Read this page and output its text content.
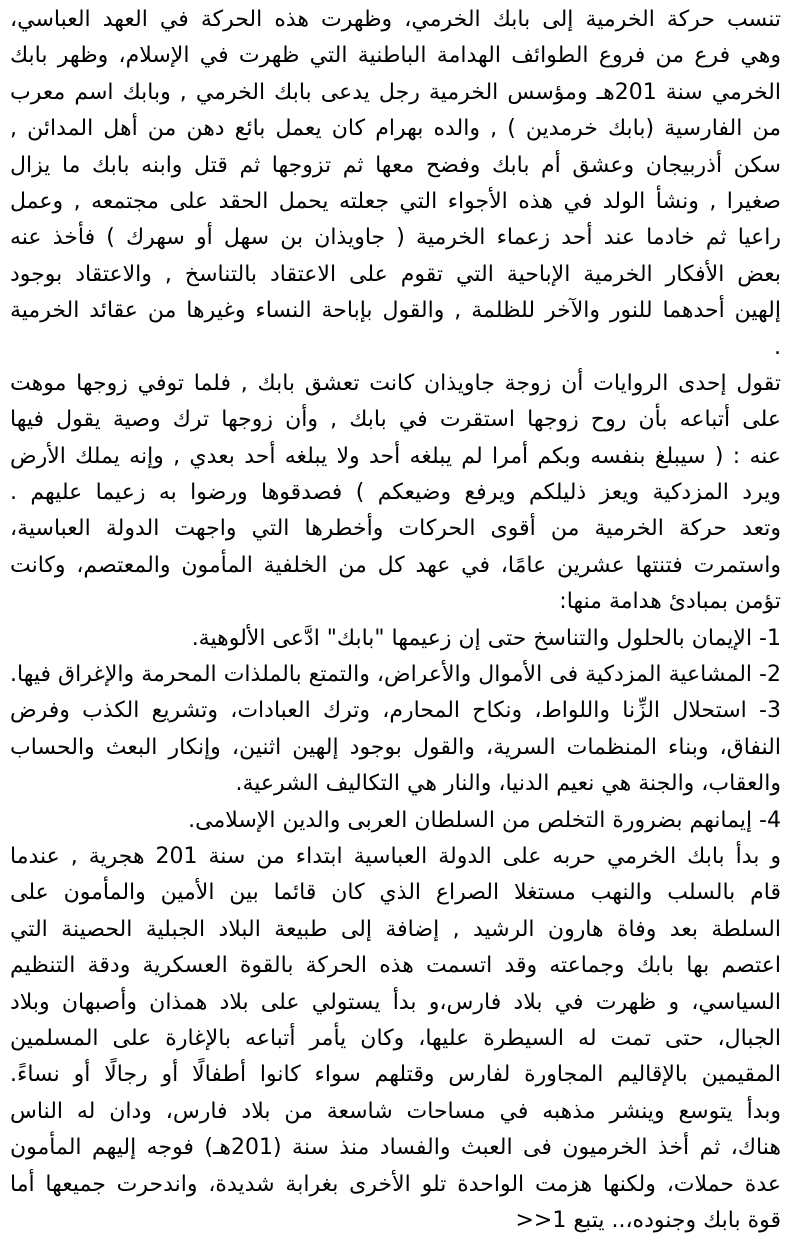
تنسب حركة الخرمية إلى بابك الخرمي، وظهرت هذه الحركة في العهد العباسي،
وهي فرع من فروع الطوائف الهدامة الباطنية التي ظهرت في الإسلام، وظهر بابك
الخرمي سنة 201هـ ومؤسس الخرمية رجل يدعى بابك الخرمي , وبابك اسم معرب
من الفارسية (بابك خرمدين ) , والده بهرام كان يعمل بائع دهن من أهل المدائن ,
سكن أذربيجان وعشق أم بابك وفضح معها ثم تزوجها ثم قتل وابنه بابك ما يزال
صغيرا , ونشأ الولد في هذه الأجواء التي جعلته يحمل الحقد على مجتمعه , وعمل
راعيا ثم خادما عند أحد زعماء الخرمية ( جاويذان بن سهل أو سهرك ) فأخذ عنه
بعض الأفكار الخرمية الإباحية التي تقوم على الاعتقاد بالتناسخ , والاعتقاد بوجود
إلهين أحدهما للنور والآخر للظلمة , والقول بإباحة النساء وغيرها من عقائد الخرمية
.
تقول إحدى الروايات أن زوجة جاويذان كانت تعشق بابك , فلما توفي زوجها موهت
على أتباعه بأن روح زوجها استقرت في بابك , وأن زوجها ترك وصية يقول فيها
عنه : ( سيبلغ بنفسه وبكم أمرا لم يبلغه أحد ولا يبلغه أحد بعدي , وإنه يملك الأرض
ويرد المزدكية ويعز ذليلكم ويرفع وضيعكم ) فصدقوها ورضوا به زعيما عليهم .
وتعد حركة الخرمية من أقوى الحركات وأخطرها التي واجهت الدولة العباسية،
واستمرت فتنتها عشرين عامًا، في عهد كل من الخلفية المأمون والمعتصم، وكانت
تؤمن بمبادئ هدامة منها:
1- الإيمان بالحلول والتناسخ حتى إن زعيمها "بابك" ادَّعى الألوهية.
2- المشاعية المزدكية فى الأموال والأعراض، والتمتع بالملذات المحرمة والإغراق فيها.
3- استحلال الزِّنا واللواط، ونكاح المحارم، وترك العبادات، وتشريع الكذب وفرض
النفاق، وبناء المنظمات السرية، والقول بوجود إلهين اثنين، وإنكار البعث والحساب
والعقاب، والجنة هي نعيم الدنيا، والنار هي التكاليف الشرعية.
4- إيمانهم بضرورة التخلص من السلطان العربى والدين الإسلامى.
و بدأ بابك الخرمي حربه على الدولة العباسية ابتداء من سنة 201 هجرية , عندما
قام بالسلب والنهب مستغلا الصراع الذي كان قائما بين الأمين والمأمون على
السلطة بعد وفاة هارون الرشيد , إضافة إلى طبيعة البلاد الجبلية الحصينة التي
اعتصم بها بابك وجماعته وقد اتسمت هذه الحركة بالقوة العسكرية ودقة التنظيم
السياسي، و ظهرت في بلاد فارس،و بدأ يستولي على بلاد همذان وأصبهان وبلاد
الجبال، حتى تمت له السيطرة عليها، وكان يأمر أتباعه بالإغارة على المسلمين
المقيمين بالإقاليم المجاورة لفارس وقتلهم سواء كانوا أطفالًا أو رجالًا أو نساءً.
وبدأ يتوسع وينشر مذهبه في مساحات شاسعة من بلاد فارس، ودان له الناس
هناك، ثم أخذ الخرميون فى العبث والفساد منذ سنة (201هـ) فوجه إليهم المأمون
عدة حملات، ولكنها هزمت الواحدة تلو الأخرى بغرابة شديدة، واندحرت جميعها أما
قوة بابك وجنوده،.. يتبع 1<<
